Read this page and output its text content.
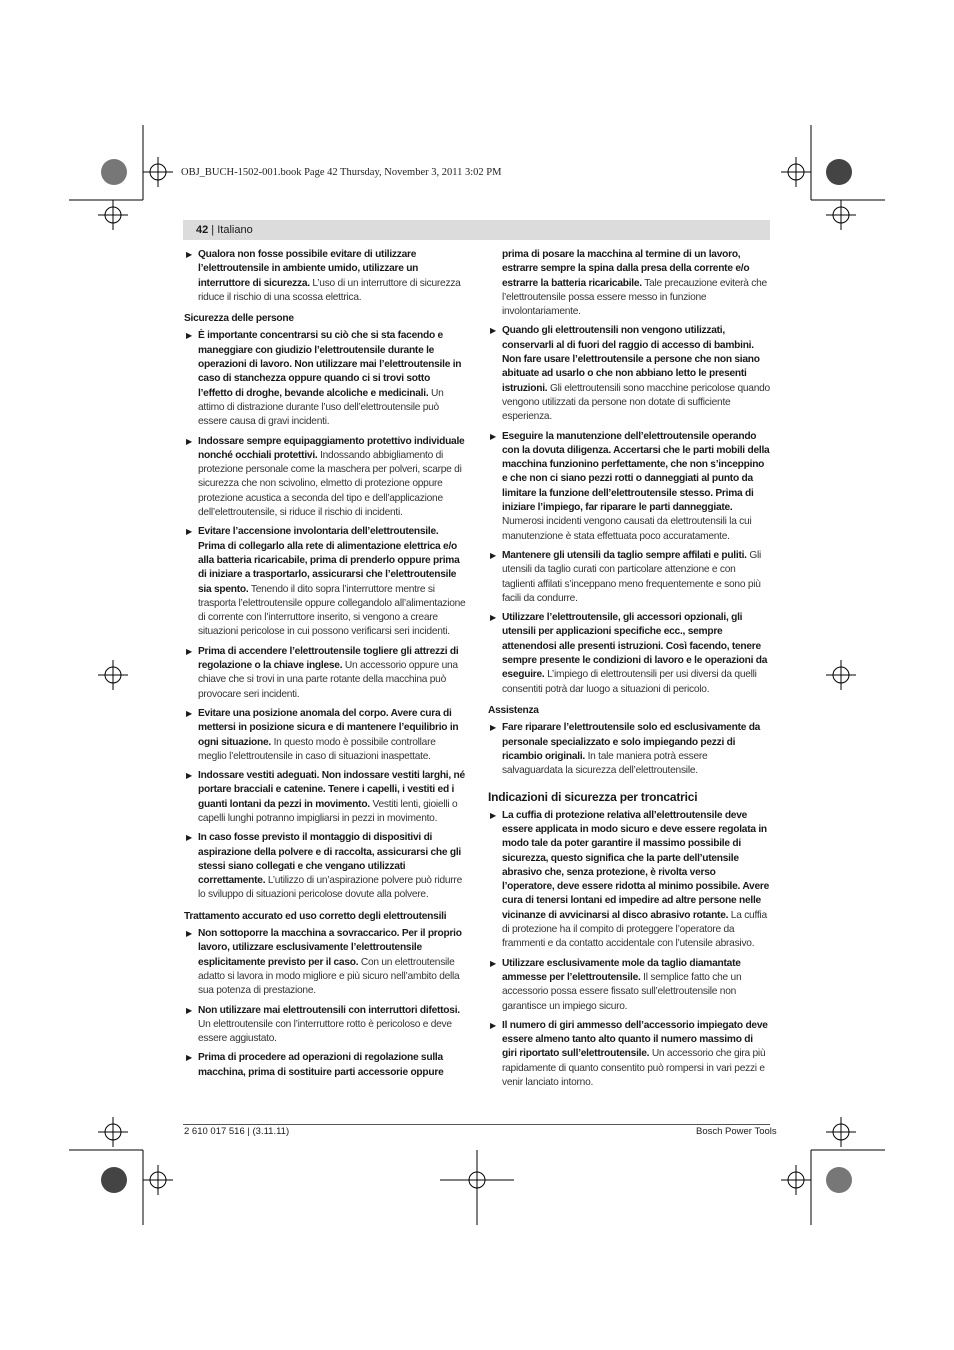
OBJ_BUCH-1502-001.book Page 42 Thursday, November 3, 2011 3:02 PM
42 | Italiano
▶ Qualora non fosse possibile evitare di utilizzare l’elettroutensile in ambiente umido, utilizzare un interruttore di sicurezza. L’uso di un interruttore di sicurezza riduce il rischio di una scossa elettrica.
Sicurezza delle persone
▶ È importante concentrarsi su ciò che si sta facendo e maneggiare con giudizio l’elettroutensile durante le operazioni di lavoro. Non utilizzare mai l’elettroutensile in caso di stanchezza oppure quando ci si trovi sotto l’effetto di droghe, bevande alcoliche e medicinali. Un attimo di distrazione durante l’uso dell’elettroutensile può essere causa di gravi incidenti.
▶ Indossare sempre equipaggiamento protettivo individuale nonché occhiali protettivi. Indossando abbigliamento di protezione personale come la maschera per polveri, scarpe di sicurezza che non scivolino, elmetto di protezione oppure protezione acustica a seconda del tipo e dell’applicazione dell’elettroutensile, si riduce il rischio di incidenti.
▶ Evitare l’accensione involontaria dell’elettroutensile. Prima di collegarlo alla rete di alimentazione elettrica e/o alla batteria ricaricabile, prima di prenderlo oppure prima di iniziare a trasportarlo, assicurarsi che l’elettroutensile sia spento. Tenendo il dito sopra l’interruttore mentre si trasporta l’elettroutensile oppure collegandolo all’alimentazione di corrente con l’interruttore inserito, si vengono a creare situazioni pericolose in cui possono verificarsi seri incidenti.
▶ Prima di accendere l’elettroutensile togliere gli attrezzi di regolazione o la chiave inglese. Un accessorio oppure una chiave che si trovi in una parte rotante della macchina può provocare seri incidenti.
▶ Evitare una posizione anomala del corpo. Avere cura di mettersi in posizione sicura e di mantenere l’equilibrio in ogni situazione. In questo modo è possibile controllare meglio l’elettroutensile in caso di situazioni inaspettate.
▶ Indossare vestiti adeguati. Non indossare vestiti larghi, né portare bracciali e catenine. Tenere i capelli, i vestiti ed i guanti lontani da pezzi in movimento. Vestiti lenti, gioielli o capelli lunghi potranno impigliarsi in pezzi in movimento.
▶ In caso fosse previsto il montaggio di dispositivi di aspirazione della polvere e di raccolta, assicurarsi che gli stessi siano collegati e che vengano utilizzati correttamente. L’utilizzo di un’aspirazione polvere può ridurre lo sviluppo di situazioni pericolose dovute alla polvere.
Trattamento accurato ed uso corretto degli elettroutensili
▶ Non sottoporre la macchina a sovraccarico. Per il proprio lavoro, utilizzare esclusivamente l’elettroutensile esplicitamente previsto per il caso. Con un elettroutensile adatto si lavora in modo migliore e più sicuro nell’ambito della sua potenza di prestazione.
▶ Non utilizzare mai elettroutensili con interruttori difettosi. Un elettroutensile con l’interruttore rotto è pericoloso e deve essere aggiustato.
▶ Prima di procedere ad operazioni di regolazione sulla macchina, prima di sostituire parti accessorie oppure
prima di posare la macchina al termine di un lavoro, estrarre sempre la spina dalla presa della corrente e/o estrarre la batteria ricaricabile. Tale precauzione eviterà che l’elettroutensile possa essere messo in funzione involontariamente.
▶ Quando gli elettroutensili non vengono utilizzati, conservarli al di fuori del raggio di accesso di bambini. Non fare usare l’elettroutensile a persone che non siano abituate ad usarlo o che non abbiano letto le presenti istruzioni. Gli elettroutensili sono macchine pericolose quando vengono utilizzati da persone non dotate di sufficiente esperienza.
▶ Eseguire la manutenzione dell’elettroutensile operando con la dovuta diligenza. Accertarsi che le parti mobili della macchina funzionino perfettamente, che non s’inceppino e che non ci siano pezzi rotti o danneggiati al punto da limitare la funzione dell’elettroutensile stesso. Prima di iniziare l’impiego, far riparare le parti danneggiate. Numerosi incidenti vengono causati da elettroutensili la cui manutenzione è stata effettuata poco accuratamente.
▶ Mantenere gli utensili da taglio sempre affilati e puliti. Gli utensili da taglio curati con particolare attenzione e con taglienti affilati s’inceppano meno frequentemente e sono più facili da condurre.
▶ Utilizzare l’elettroutensile, gli accessori opzionali, gli utensili per applicazioni specifiche ecc., sempre attenendosi alle presenti istruzioni. Così facendo, tenere sempre presente le condizioni di lavoro e le operazioni da eseguire. L’impiego di elettroutensili per usi diversi da quelli consentiti potrà dar luogo a situazioni di pericolo.
Assistenza
▶ Fare riparare l’elettroutensile solo ed esclusivamente da personale specializzato e solo impiegando pezzi di ricambio originali. In tale maniera potrà essere salvaguardata la sicurezza dell’elettroutensile.
Indicazioni di sicurezza per troncatrici
▶ La cuffia di protezione relativa all’elettroutensile deve essere applicata in modo sicuro e deve essere regolata in modo tale da poter garantire il massimo possibile di sicurezza, questo significa che la parte dell’utensile abrasivo che, senza protezione, è rivolta verso l’operatore, deve essere ridotta al minimo possibile. Avere cura di tenersi lontani ed impedire ad altre persone nelle vicinanze di avvicinarsi al disco abrasivo rotante. La cuffia di protezione ha il compito di proteggere l’operatore da frammenti e da contatto accidentale con l’utensile abrasivo.
▶ Utilizzare esclusivamente mole da taglio diamantate ammesse per l’elettroutensile. Il semplice fatto che un accessorio possa essere fissato sull’elettroutensile non garantisce un impiego sicuro.
▶ Il numero di giri ammesso dell’accessorio impiegato deve essere almeno tanto alto quanto il numero massimo di giri riportato sull’elettroutensile. Un accessorio che gira più rapidamente di quanto consentito può rompersi in vari pezzi e venir lanciato intorno.
2 610 017 516 | (3.11.11)	Bosch Power Tools
